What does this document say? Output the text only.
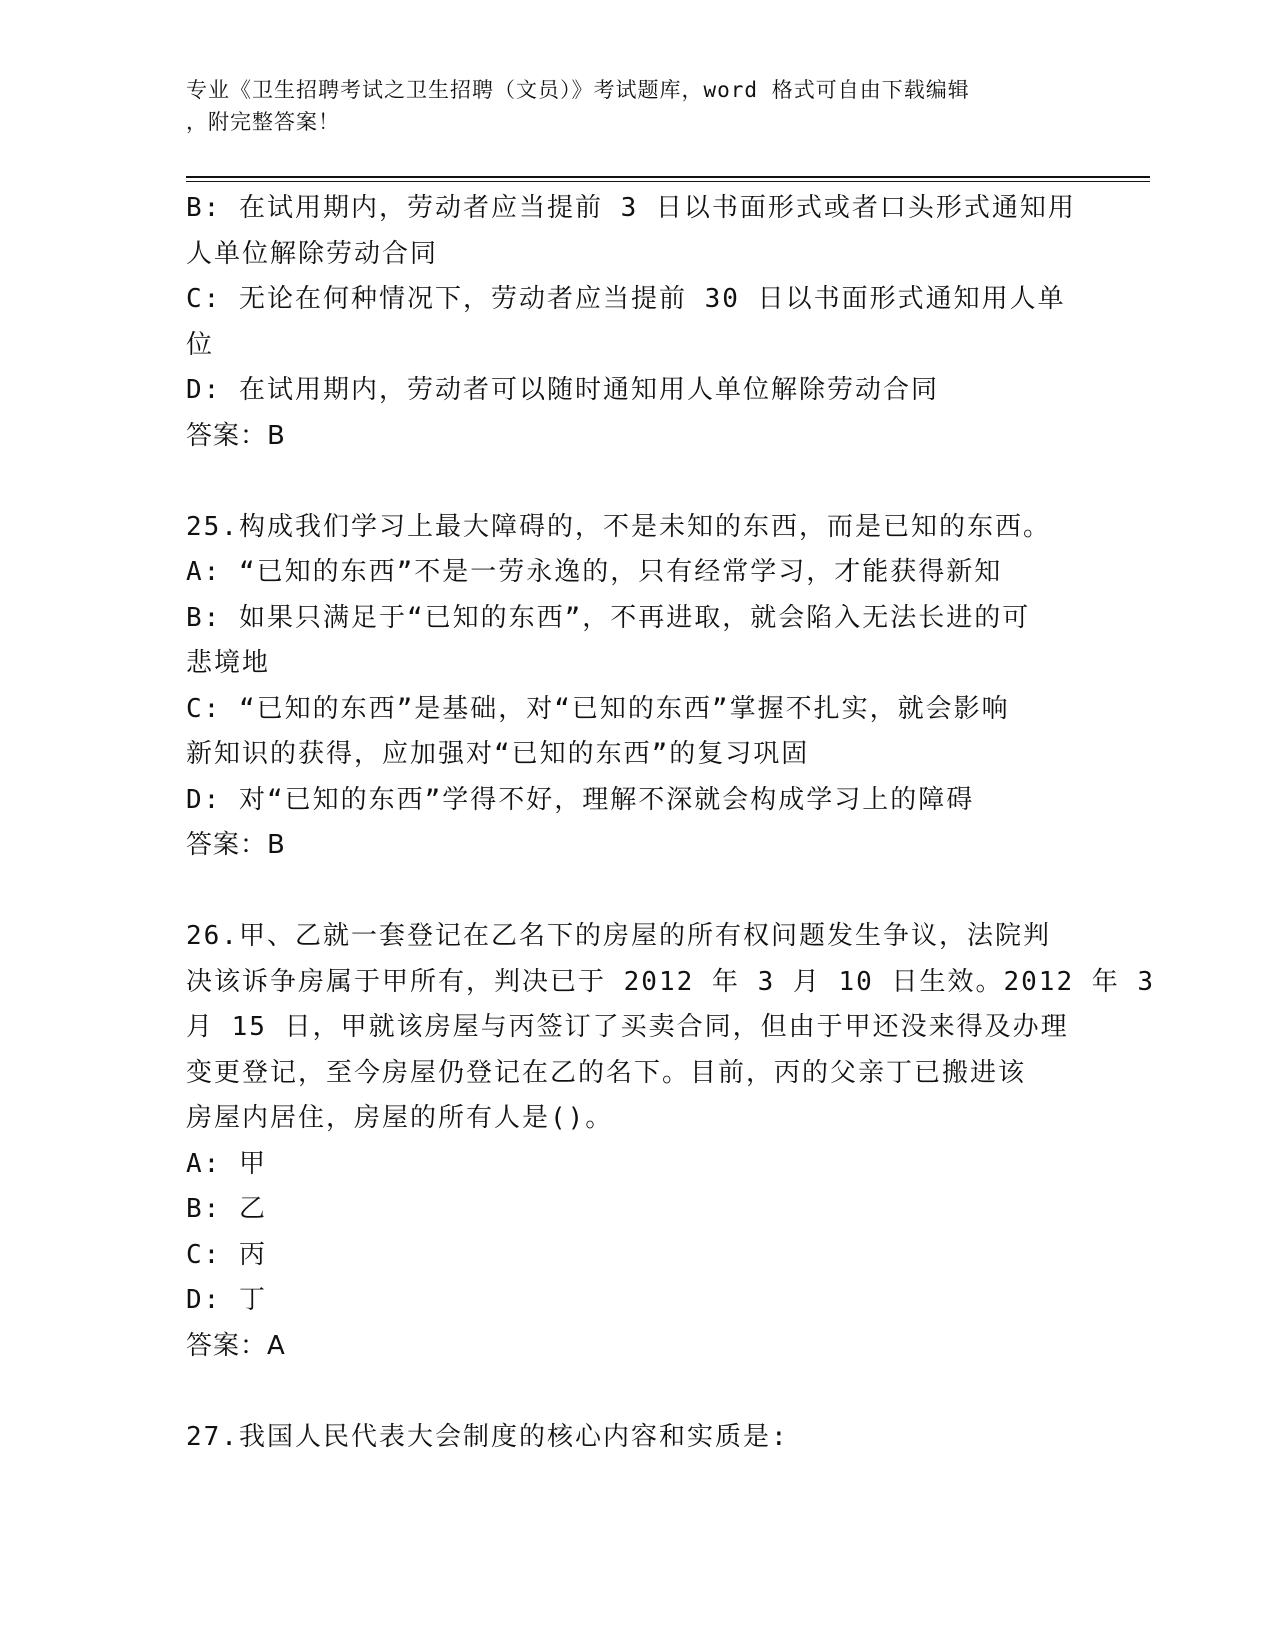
专业《卫生招聘考试之卫生招聘（文员）》考试题库，word 格式可自由下载编辑
，附完整答案！
B: 在试用期内，劳动者应当提前 3 日以书面形式或者口头形式通知用
人单位解除劳动合同
C: 无论在何种情况下，劳动者应当提前 30 日以书面形式通知用人单
位
D: 在试用期内，劳动者可以随时通知用人单位解除劳动合同
答案：B
25.构成我们学习上最大障碍的，不是未知的东西，而是已知的东西。
A: “已知的东西”不是一劳永逸的，只有经常学习，才能获得新知
B: 如果只满足于“已知的东西”，不再进取，就会陷入无法长进的可
悲境地
C: “已知的东西”是基础，对“已知的东西”掌握不扎实，就会影响
新知识的获得，应加强对“已知的东西”的复习巩固
D: 对“已知的东西”学得不好，理解不深就会构成学习上的障碍
答案：B
26.甲、乙就一套登记在乙名下的房屋的所有权问题发生争议，法院判
决该诉争房属于甲所有，判决已于 2012 年 3 月 10 日生效。2012 年 3
月 15 日，甲就该房屋与丙签订了买卖合同，但由于甲还没来得及办理
变更登记，至今房屋仍登记在乙的名下。目前，丙的父亲丁已搬进该
房屋内居住，房屋的所有人是()。
A: 甲
B: 乙
C: 丙
D: 丁
答案：A
27.我国人民代表大会制度的核心内容和实质是:
